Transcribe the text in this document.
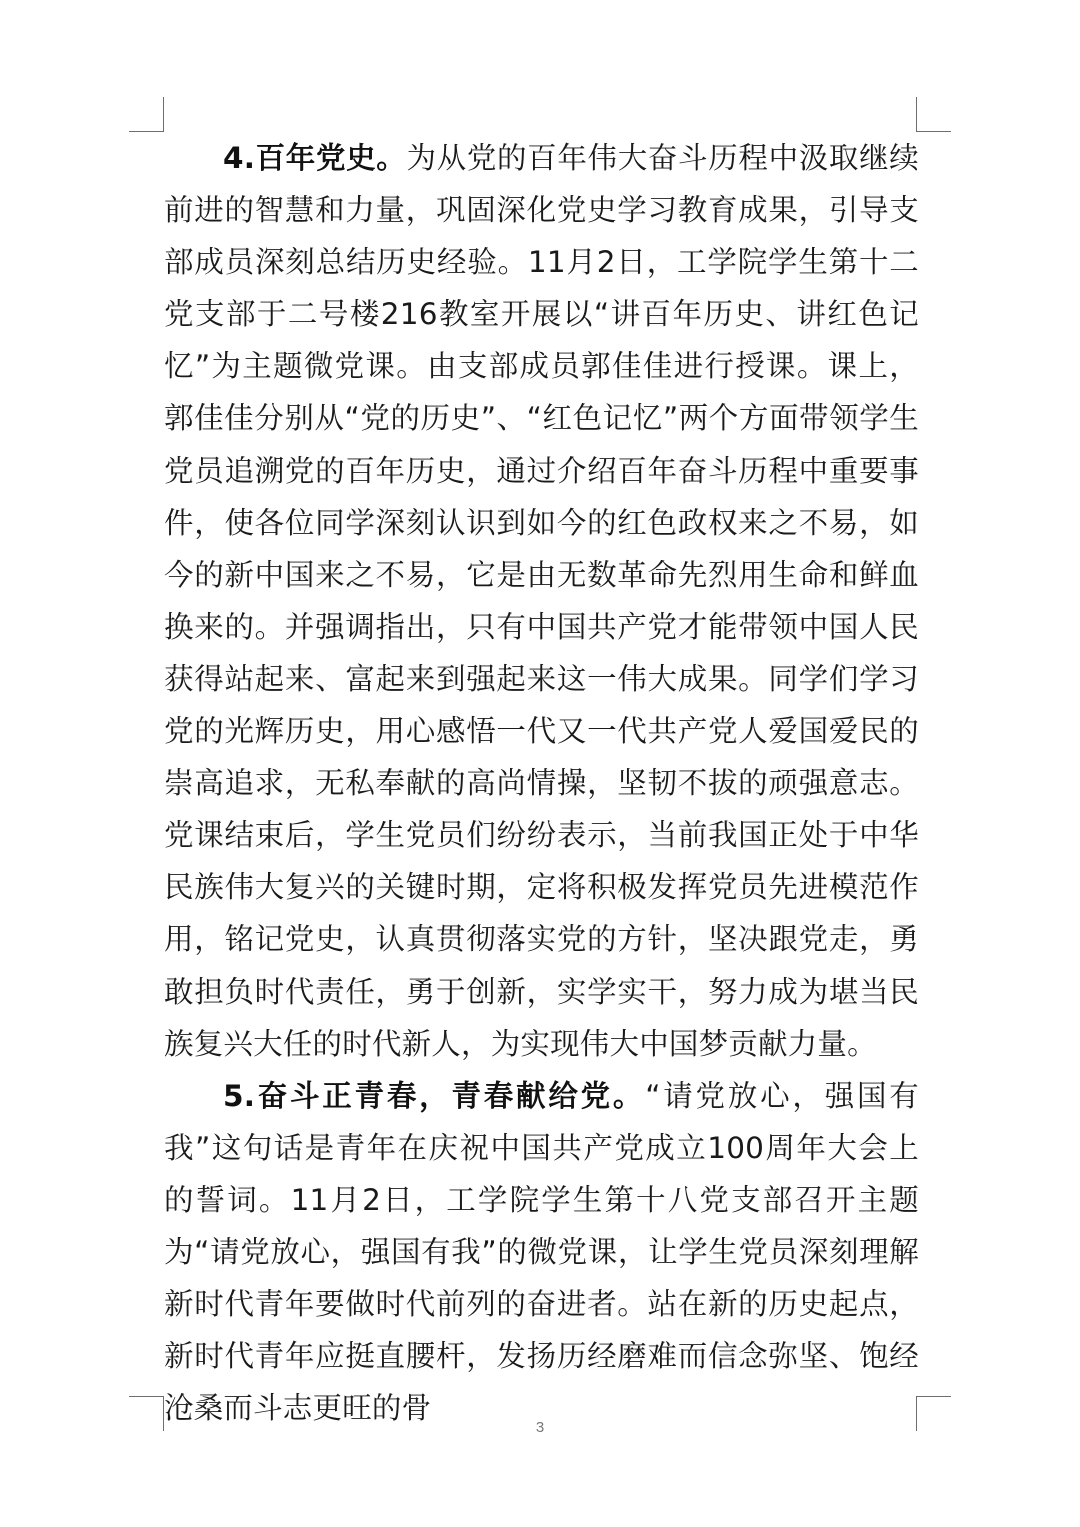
4.百年党史。为从党的百年伟大奋斗历程中汲取继续前进的智慧和力量，巩固深化党史学习教育成果，引导支部成员深刻总结历史经验。11月2日，工学院学生第十二党支部于二号楼216教室开展以“讲百年历史、讲红色记忆”为主题微党课。由支部成员郭佳佳进行授课。课上，郭佳佳分别从“党的历史”、“红色记忆”两个方面带领学生党员追溯党的百年历史，通过介绍百年奋斗历程中重要事件，使各位同学深刻认识到如今的红色政权来之不易，如今的新中国来之不易，它是由无数革命先烈用生命和鲜血换来的。并强调指出，只有中国共产党才能带领中国人民获得站起来、富起来到强起来这一伟大成果。同学们学习党的光辉历史，用心感悟一代又一代共产党人爱国爱民的崇高追求，无私奉献的高尚情操，坚韧不拔的顽强意志。党课结束后，学生党员们纷纷表示，当前我国正处于中华民族伟大复兴的关键时期，定将积极发挥党员先进模范作用，铭记党史，认真贯彻落实党的方针，坚决跟党走，勇敢担负时代责任，勇于创新，实学实干，努力成为堪当民族复兴大任的时代新人，为实现伟大中国梦贡献力量。

5.奋斗正青春，青春献给党。“请党放心，强国有我”这句话是青年在庆祝中国共产党成立100周年大会上的誓词。11月2日，工学院学生第十八党支部召开主题为“请党放心，强国有我”的微党课，让学生党员深刻理解新时代青年要做时代前列的奋进者。站在新的历史起点，新时代青年应挺直腰杆，发扬历经磨难而信念弥坚、饱经沧桑而斗志更旺的骨

3
